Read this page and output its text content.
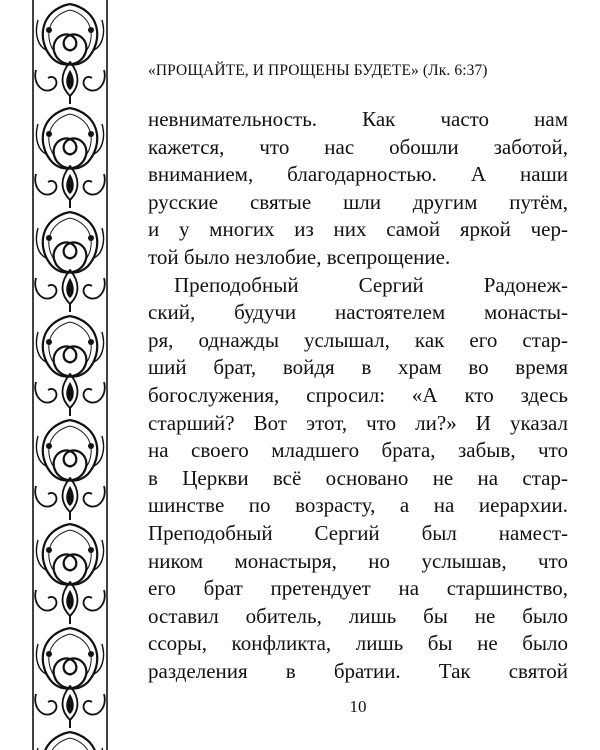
«ПРОЩАЙТЕ, И ПРОЩЕНЫ БУДЕТЕ» (Лк. 6:37)
невнимательность. Как часто нам
кажется, что нас обошли заботой,
вниманием, благодарностью. А наши
русские святые шли другим путём,
и у многих из них самой яркой чер-
той было незлобие, всепрощение.
Преподобный Сергий Радонеж-
ский, будучи настоятелем монасты-
ря, однажды услышал, как его стар-
ший брат, войдя в храм во время
богослужения, спросил: «А кто здесь
старший? Вот этот, что ли?» И указал
на своего младшего брата, забыв, что
в Церкви всё основано не на стар-
шинстве по возрасту, а на иерархии.
Преподобный Сергий был намест-
ником монастыря, но услышав, что
его брат претендует на старшинство,
оставил обитель, лишь бы не было
ссоры, конфликта, лишь бы не было
разделения в братии. Так святой
10
